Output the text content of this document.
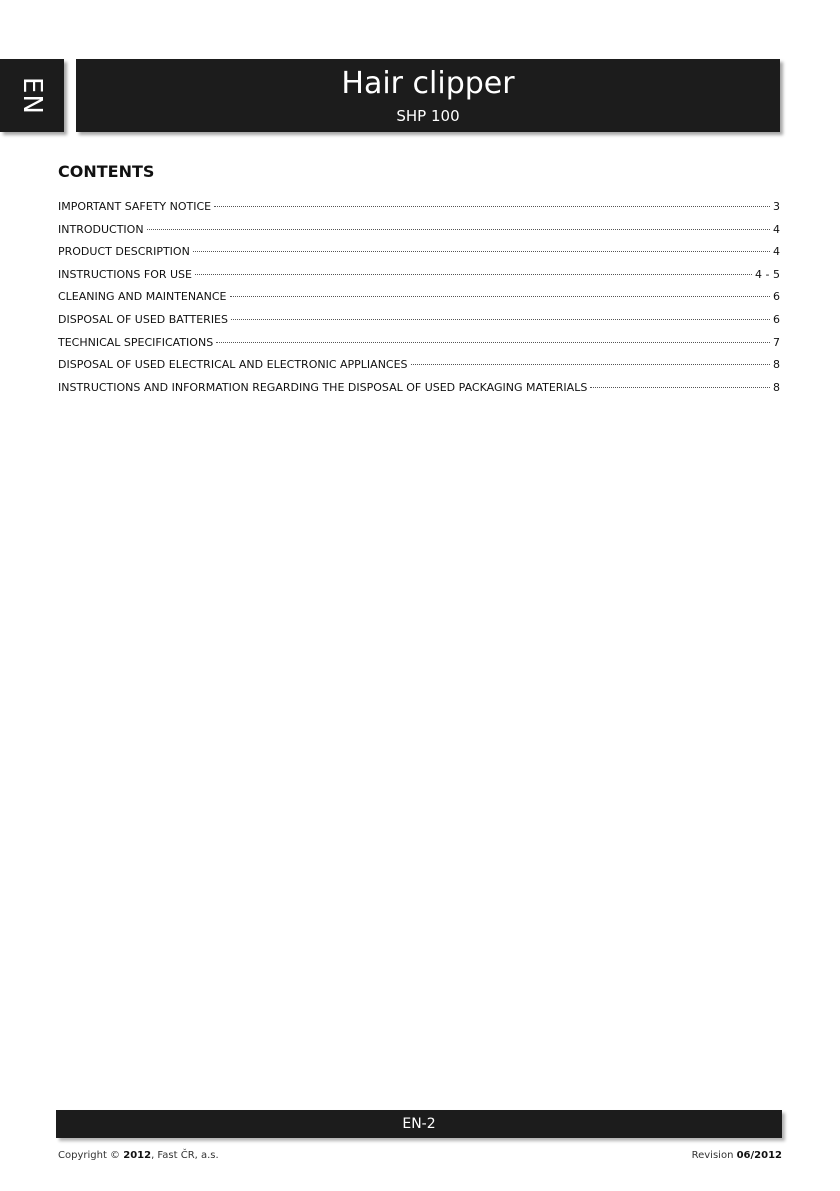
EN	Hair clipper
SHP 100
CONTENTS
IMPORTANT SAFETY NOTICE	3
INTRODUCTION	4
PRODUCT DESCRIPTION	4
INSTRUCTIONS FOR USE	4 - 5
CLEANING AND MAINTENANCE	6
DISPOSAL OF USED BATTERIES	6
TECHNICAL SPECIFICATIONS	7
DISPOSAL OF USED ELECTRICAL AND ELECTRONIC APPLIANCES	8
INSTRUCTIONS AND INFORMATION REGARDING THE DISPOSAL OF USED PACKAGING MATERIALS	8
EN-2
Copyright © 2012, Fast ČR, a.s.	Revision 06/2012
